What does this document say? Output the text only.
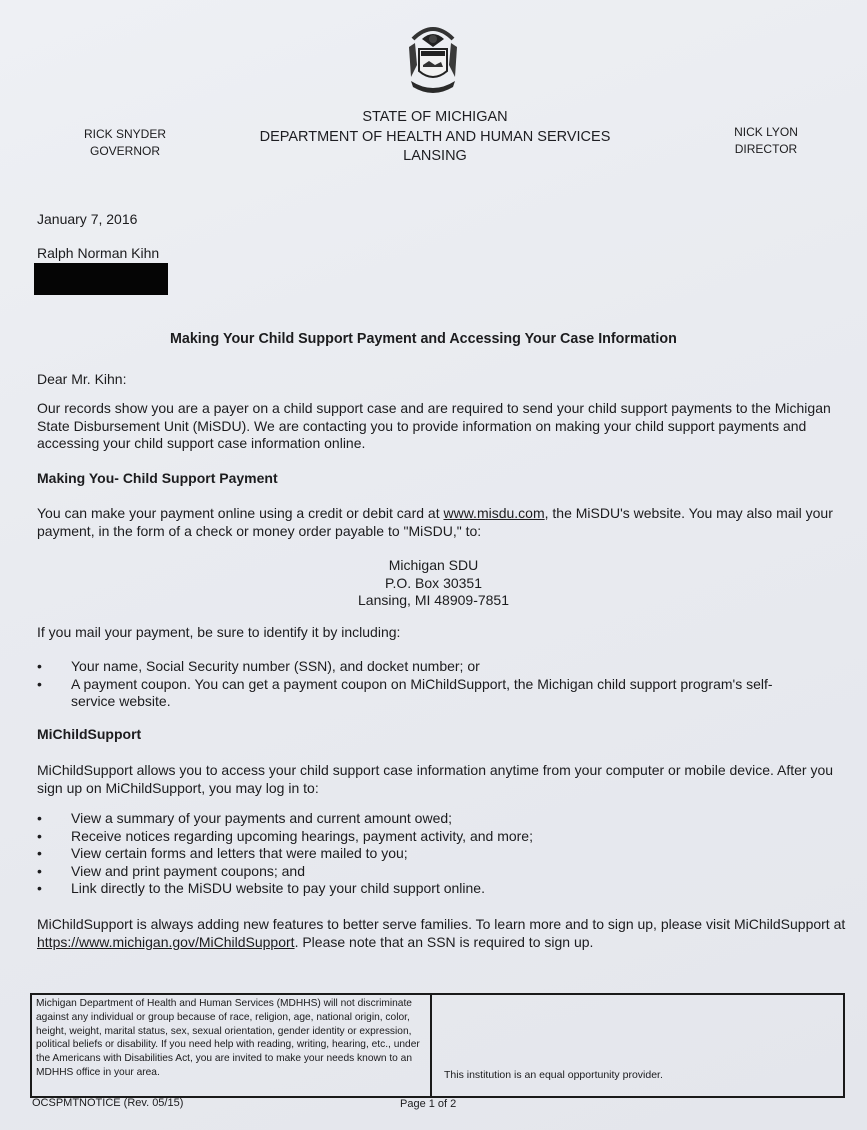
STATE OF MICHIGAN
DEPARTMENT OF HEALTH AND HUMAN SERVICES
LANSING
RICK SNYDER
GOVERNOR
NICK LYON
DIRECTOR
January 7, 2016
Ralph Norman Kihn
Making Your Child Support Payment and Accessing Your Case Information
Dear Mr. Kihn:
Our records show you are a payer on a child support case and are required to send your child support payments to the Michigan State Disbursement Unit (MiSDU). We are contacting you to provide information on making your child support payments and accessing your child support case information online.
Making You‐ Child Support Payment
You can make your payment online using a credit or debit card at www.misdu.com, the MiSDU's website. You may also mail your payment, in the form of a check or money order payable to "MiSDU," to:
Michigan SDU
P.O. Box 30351
Lansing, MI 48909-7851
If you mail your payment, be sure to identify it by including:
• Your name, Social Security number (SSN), and docket number; or
• A payment coupon. You can get a payment coupon on MiChildSupport, the Michigan child support program's self-service website.
MiChildSupport
MiChildSupport allows you to access your child support case information anytime from your computer or mobile device. After you sign up on MiChildSupport, you may log in to:
• View a summary of your payments and current amount owed;
• Receive notices regarding upcoming hearings, payment activity, and more;
• View certain forms and letters that were mailed to you;
• View and print payment coupons; and
• Link directly to the MiSDU website to pay your child support online.
MiChildSupport is always adding new features to better serve families. To learn more and to sign up, please visit MiChildSupport at https://www.michigan.gov/MiChildSupport. Please note that an SSN is required to sign up.
Michigan Department of Health and Human Services (MDHHS) will not discriminate against any individual or group because of race, religion, age, national origin, color, height, weight, marital status, sex, sexual orientation, gender identity or expression, political beliefs or disability. If you need help with reading, writing, hearing, etc., under the Americans with Disabilities Act, you are invited to make your needs known to an MDHHS office in your area.	This institution is an equal opportunity provider.
OCSPMTNOTICE (Rev. 05/15)	Page 1 of 2
